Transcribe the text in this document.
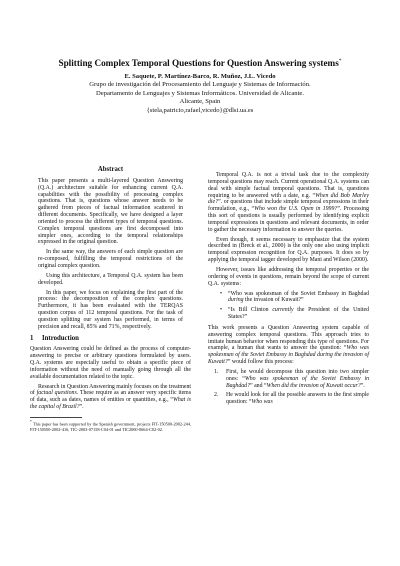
Splitting Complex Temporal Questions for Question Answering systems*
E. Saquete, P. Martínez-Barco, R. Muñoz, J.L. Vicedo
Grupo de investigación del Procesamiento del Lenguaje y Sistemas de Información.
Departamento de Lenguajes y Sistemas Informáticos. Universidad de Alicante.
Alicante, Spain
{stela,patricio,rafael,vicedo}@dlsi.ua.es
Abstract

This paper presents a multi-layered Question Answering (Q.A.) architecture suitable for enhancing current Q.A. capabilities with the possibility of processing complex questions. That is, questions whose answer needs to be gathered from pieces of factual information scattered in different documents. Specifically, we have designed a layer oriented to process the different types of temporal questions. Complex temporal questions are first decomposed into simpler ones, according to the temporal relationships expressed in the original question.

In the same way, the answers of each simple question are re-composed, fulfilling the temporal restrictions of the original complex question.

Using this architecture, a Temporal Q.A. system has been developed.

In this paper, we focus on explaining the first part of the process: the decomposition of the complex questions. Furthermore, it has been evaluated with the TERQAS question corpus of 112 temporal questions. For the task of question splitting our system has performed, in terms of precision and recall, 85% and 71%, respectively.

1 Introduction

Question Answering could be defined as the process of computer-answering to precise or arbitrary questions formulated by users. Q.A. systems are especially useful to obtain a specific piece of information without the need of manually going through all the available documentation related to the topic.

Research in Question Answering mainly focuses on the treatment of factual questions. These require as an answer very specific items of data, such as dates, names of entities or quantities, e.g., “What is the capital of Brazil?”.

* This paper has been supported by the Spanish government, projects FIT-150500-2002-244, FIT-150500-2002-416, TIC-2003-07158-C04-01 and TIC2000-0664-C02-02.

Temporal Q.A. is not a trivial task due to the complexity temporal questions may reach. Current operational Q.A. systems can deal with simple factual temporal questions. That is, questions requiring to be answered with a date, e.g. “When did Bob Marley die?”. or questions that include simple temporal expressions in their formulation, e.g., “Who won the U.S. Open in 1999?”. Processing this sort of questions is usually performed by identifying explicit temporal expressions in questions and relevant documents, in order to gather the necessary information to answer the queries.

Even though, it seems necessary to emphasize that the system described in (Breck et al., 2000) is the only one also using implicit temporal expression recognition for Q.A. purposes. It does so by applying the temporal tagger developed by Mani and Wilson (2000).

However, issues like addressing the temporal properties or the ordering of events in questions, remain beyond the scope of current Q.A. systems:

• “Who was spokesman of the Soviet Embassy in Baghdad during the invasion of Kuwait?”
• “Is Bill Clinton currently the President of the United States?”

This work presents a Question Answering system capable of answering complex temporal questions. This approach tries to imitate human behavior when responding this type of questions. For example, a human that wants to answer the question: “Who was spokesman of the Soviet Embassy in Baghdad during the invasion of Kuwait?” would follow this process:

1. First, he would decompose this question into two simpler ones: “Who was spokesman of the Soviet Embassy in Baghdad?” and “When did the invasion of Kuwait occur?”.
2. He would look for all the possible answers to the first simple question: “Who was
